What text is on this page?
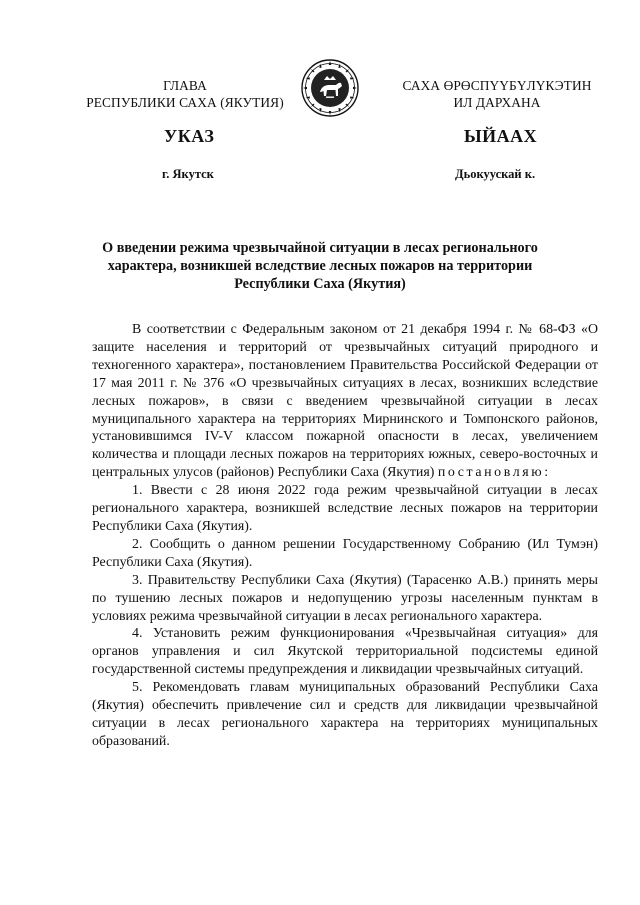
ГЛАВА
РЕСПУБЛИКИ САХА (ЯКУТИЯ)
САХА ӨРӨСПҮҮБҮЛҮКЭТИН
ИЛ ДАРХАНА
УКАЗ	ЫЙААХ
г. Якутск	Дьокуускай к.
О введении режима чрезвычайной ситуации в лесах регионального характера, возникшей вследствие лесных пожаров на территории Республики Саха (Якутия)

В соответствии с Федеральным законом от 21 декабря 1994 г. № 68-ФЗ «О защите населения и территорий от чрезвычайных ситуаций природного и техногенного характера», постановлением Правительства Российской Федерации от 17 мая 2011 г. № 376 «О чрезвычайных ситуациях в лесах, возникших вследствие лесных пожаров», в связи с введением чрезвычайной ситуации в лесах муниципального характера на территориях Мирнинского и Томпонского районов, установившимся IV-V классом пожарной опасности в лесах, увеличением количества и площади лесных пожаров на территориях южных, северо-восточных и центральных улусов (районов) Республики Саха (Якутия) постановляю:

1. Ввести с 28 июня 2022 года режим чрезвычайной ситуации в лесах регионального характера, возникшей вследствие лесных пожаров на территории Республики Саха (Якутия).

2. Сообщить о данном решении Государственному Собранию (Ил Тумэн) Республики Саха (Якутия).

3. Правительству Республики Саха (Якутия) (Тарасенко А.В.) принять меры по тушению лесных пожаров и недопущению угрозы населенным пунктам в условиях режима чрезвычайной ситуации в лесах регионального характера.

4. Установить режим функционирования «Чрезвычайная ситуация» для органов управления и сил Якутской территориальной подсистемы единой государственной системы предупреждения и ликвидации чрезвычайных ситуаций.

5. Рекомендовать главам муниципальных образований Республики Саха (Якутия) обеспечить привлечение сил и средств для ликвидации чрезвычайной ситуации в лесах регионального характера на территориях муниципальных образований.
